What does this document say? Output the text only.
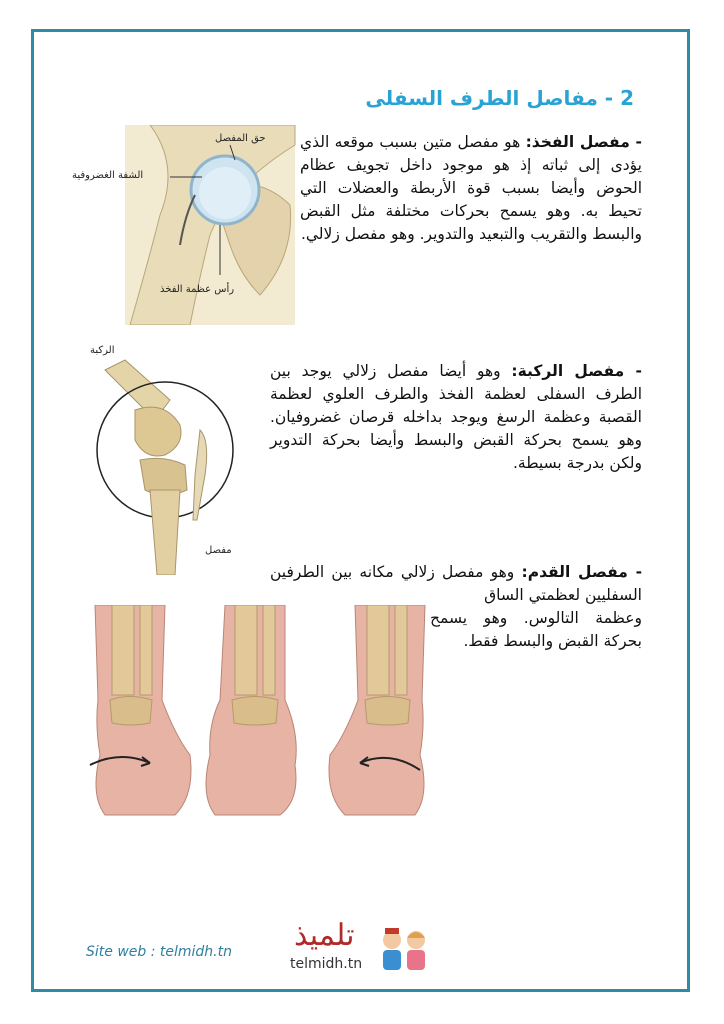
2 - مفاصل الطرف السفلى
- مفصل الفخذ: هو مفصل متين بسبب موقعه الذي يؤدى إلى ثباته إذ هو موجود داخل تجويف عظام الحوض وأيضا بسبب قوة الأربطة والعضلات التي تحيط به. وهو يسمح بحركات مختلفة مثل القبض والبسط والتقريب والتبعيد والتدوير. وهو مفصل زلالي.
حق المفصل
الشفة الغضروفية
رأس عظمة الفخذ
- مفصل الركبة: وهو أيضا مفصل زلالي يوجد بين الطرف السفلى لعظمة الفخذ والطرف العلوي لعظمة القصبة وعظمة الرسغ ويوجد بداخله قرصان غضروفيان. وهو يسمح بحركة القبض والبسط وأيضا بحركة التدوير ولكن بدرجة بسيطة.
الركبة
مفصل
- مفصل القدم: وهو مفصل زلالي مكانه بين الطرفين السفليين لعظمتي الساق
وعظمة التالوس. وهو يسمح بحركة القبض والبسط فقط.
Site web : telmidh.tn تلميذ
telmidh.tn
